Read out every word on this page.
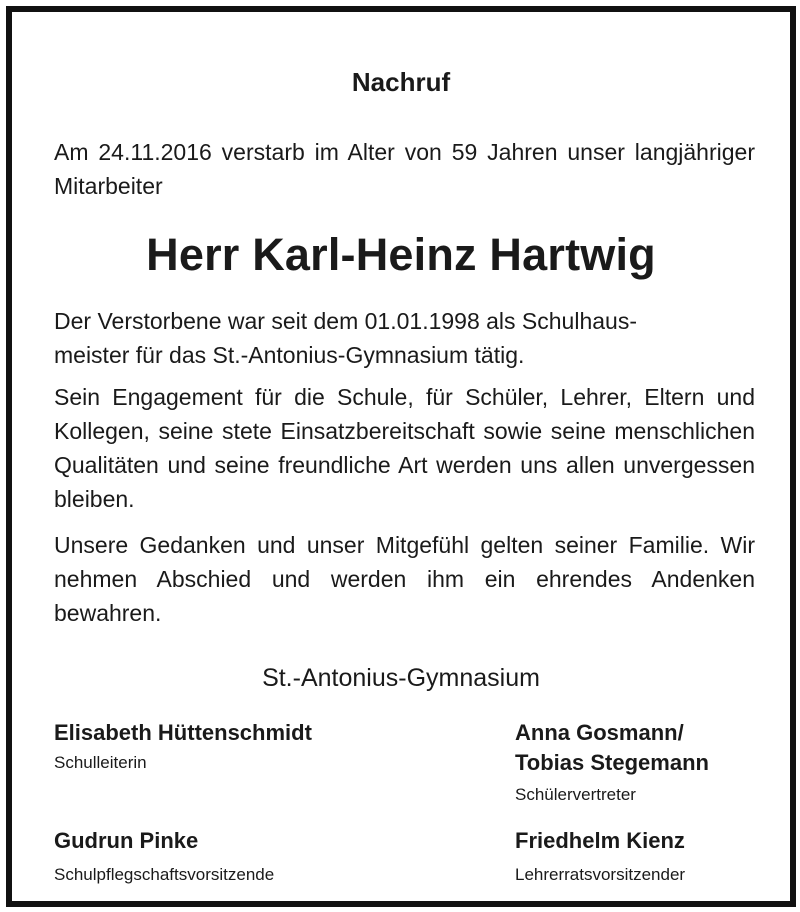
Nachruf
Am 24.11.2016 verstarb im Alter von 59 Jahren unser langjähriger Mitarbeiter
Herr Karl-Heinz Hartwig
Der Verstorbene war seit dem 01.01.1998 als Schulhaus-
meister für das St.-Antonius-Gymnasium tätig.
Sein Engagement für die Schule, für Schüler, Lehrer, Eltern und Kollegen, seine stete Einsatzbereitschaft sowie seine menschlichen Qualitäten und seine freundliche Art werden uns allen unvergessen bleiben.
Unsere Gedanken und unser Mitgefühl gelten seiner Familie. Wir nehmen Abschied und werden ihm ein ehrendes Andenken bewahren.
St.-Antonius-Gymnasium
Elisabeth Hüttenschmidt
Schulleiterin
Anna Gosmann/
Tobias Stegemann
Schülervertreter
Gudrun Pinke
Schulpflegschaftsvorsitzende
Friedhelm Kienz
Lehrerratsvorsitzender
